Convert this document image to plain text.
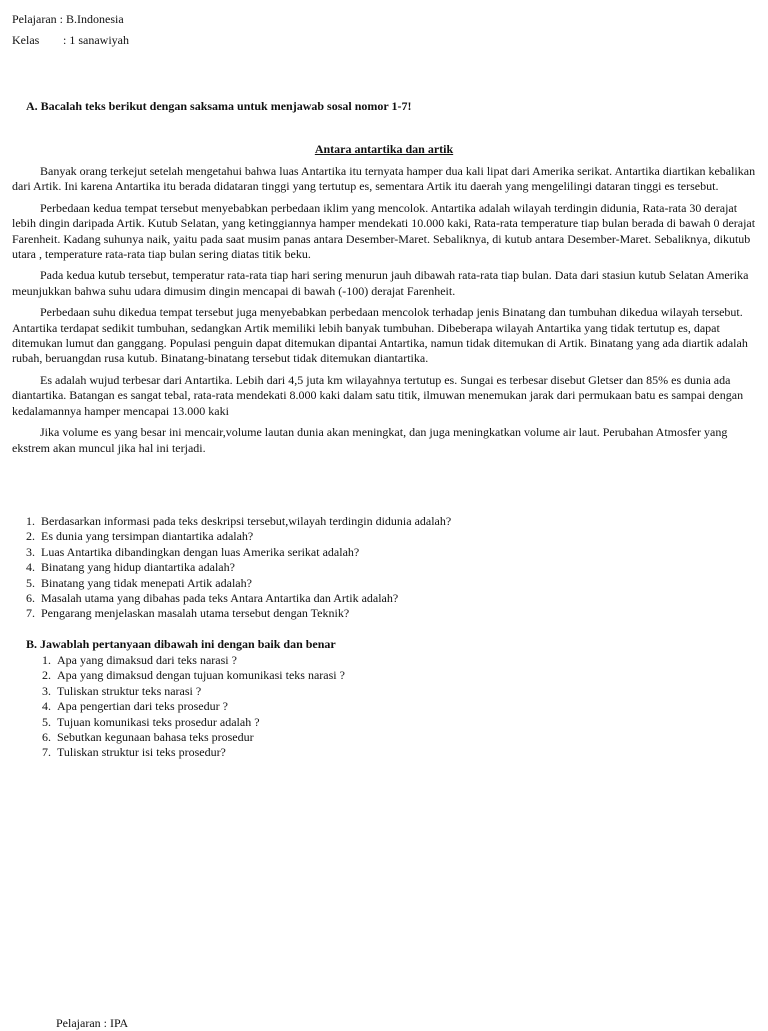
Pelajaran : B.Indonesia
Kelas : 1 sanawiyah
A. Bacalah teks berikut dengan saksama untuk menjawab sosal nomor 1-7!
Antara antartika dan artik

Banyak orang terkejut setelah mengetahui bahwa luas Antartika itu ternyata hamper dua kali lipat dari Amerika serikat. Antartika diartikan kebalikan dari Artik. Ini karena Antartika itu berada didataran tinggi yang tertutup es, sementara Artik itu daerah yang mengelilingi dataran tinggi es tersebut.

Perbedaan kedua tempat tersebut menyebabkan perbedaan iklim yang mencolok. Antartika adalah wilayah terdingin didunia, Rata-rata 30 derajat lebih dingin daripada Artik. Kutub Selatan, yang ketinggiannya hamper mendekati 10.000 kaki, Rata-rata temperature tiap bulan berada di bawah 0 derajat Farenheit. Kadang suhunya naik, yaitu pada saat musim panas antara Desember-Maret. Sebaliknya, di kutub antara Desember-Maret. Sebaliknya, dikutub utara , temperature rata-rata tiap bulan sering diatas titik beku.

Pada kedua kutub tersebut, temperatur rata-rata tiap hari sering menurun jauh dibawah rata-rata tiap bulan. Data dari stasiun kutub Selatan Amerika meunjukkan bahwa suhu udara dimusim dingin mencapai di bawah (-100) derajat Farenheit.

Perbedaan suhu dikedua tempat tersebut juga menyebabkan perbedaan mencolok terhadap jenis Binatang dan tumbuhan dikedua wilayah tersebut. Antartika terdapat sedikit tumbuhan, sedangkan Artik memiliki lebih banyak tumbuhan. Dibeberapa wilayah Antartika yang tidak tertutup es, dapat ditemukan lumut dan ganggang. Populasi penguin dapat ditemukan dipantai Antartika, namun tidak ditemukan di Artik. Binatang yang ada diartik adalah rubah, beruangdan rusa kutub. Binatang-binatang tersebut tidak ditemukan diantartika.

Es adalah wujud terbesar dari Antartika. Lebih dari 4,5 juta km wilayahnya tertutup es. Sungai es terbesar disebut Gletser dan 85% es dunia ada diantartika. Batangan es sangat tebal, rata-rata mendekati 8.000 kaki dalam satu titik, ilmuwan menemukan jarak dari permukaan batu es sampai dengan kedalamannya hamper mencapai 13.000 kaki

Jika volume es yang besar ini mencair,volume lautan dunia akan meningkat, dan juga meningkatkan volume air laut. Perubahan Atmosfer yang ekstrem akan muncul jika hal ini terjadi.

1. Berdasarkan informasi pada teks deskripsi tersebut,wilayah terdingin didunia adalah?
2. Es dunia yang tersimpan diantartika adalah?
3. Luas Antartika dibandingkan dengan luas Amerika serikat adalah?
4. Binatang yang hidup diantartika adalah?
5. Binatang yang tidak menepati Artik adalah?
6. Masalah utama yang dibahas pada teks Antara Antartika dan Artik adalah?
7. Pengarang menjelaskan masalah utama tersebut dengan Teknik?
B. Jawablah pertanyaan dibawah ini dengan baik dan benar
1. Apa yang dimaksud dari teks narasi ?
2. Apa yang dimaksud dengan tujuan komunikasi teks narasi ?
3. Tuliskan struktur teks narasi ?
4. Apa pengertian dari teks prosedur ?
5. Tujuan komunikasi teks prosedur adalah ?
6. Sebutkan kegunaan bahasa teks prosedur
7. Tuliskan struktur isi teks prosedur?
Pelajaran : IPA
